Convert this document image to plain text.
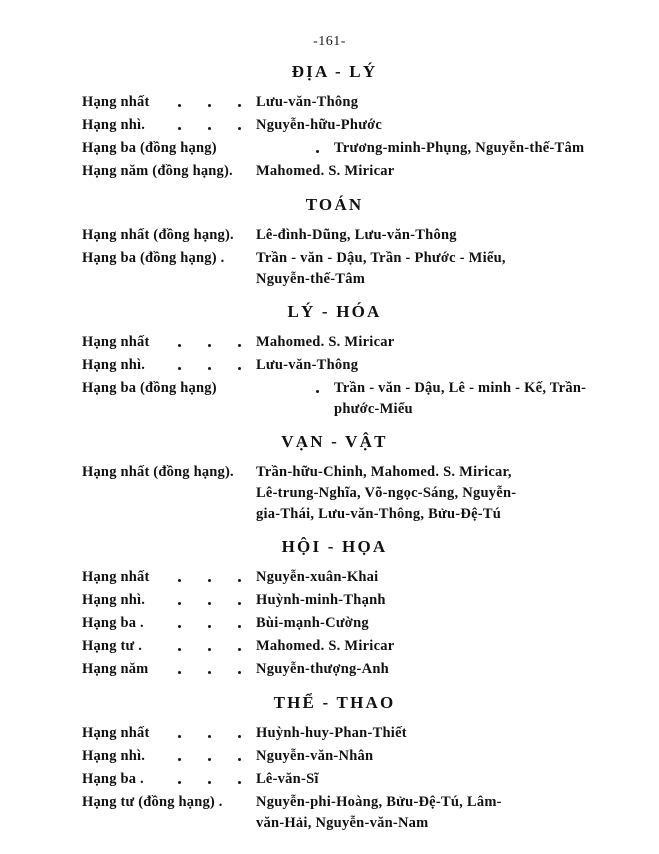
-161-
ĐỊA - LÝ
Hạng nhất	Lưu-văn-Thông
Hạng nhì.	Nguyễn-hữu-Phước
Hạng ba (đồng hạng)	Trương-minh-Phụng, Nguyễn-thế-Tâm
Hạng năm (đồng hạng).	Mahomed. S. Miricar
TOÁN
Hạng nhất (đồng hạng).	Lê-đình-Dũng, Lưu-văn-Thông
Hạng ba (đồng hạng) .	Trần - văn - Dậu, Trần - Phước - Miểu,
Nguyễn-thế-Tâm
LÝ - HÓA
Hạng nhất	Mahomed. S. Miricar
Hạng nhì.	Lưu-văn-Thông
Hạng ba (đồng hạng)	Trần - văn - Dậu, Lê - minh - Kế, Trần-
phước-Miểu
VẠN - VẬT
Hạng nhất (đồng hạng).	Trần-hữu-Chinh, Mahomed. S. Miricar,
Lê-trung-Nghĩa, Võ-ngọc-Sáng, Nguyễn-
gia-Thái, Lưu-văn-Thông, Bửu-Đệ-Tú
HỘI - HỌA
Hạng nhất	Nguyễn-xuân-Khai
Hạng nhì.	Huỳnh-minh-Thạnh
Hạng ba .	Bùi-mạnh-Cường
Hạng tư .	Mahomed. S. Miricar
Hạng năm	Nguyễn-thượng-Anh
THỂ - THAO
Hạng nhất	Huỳnh-huy-Phan-Thiết
Hạng nhì.	Nguyễn-văn-Nhân
Hạng ba .	Lê-văn-Sĩ
Hạng tư (đồng hạng) .	Nguyễn-phi-Hoàng, Bửu-Đệ-Tú, Lâm-
văn-Hải, Nguyễn-văn-Nam
